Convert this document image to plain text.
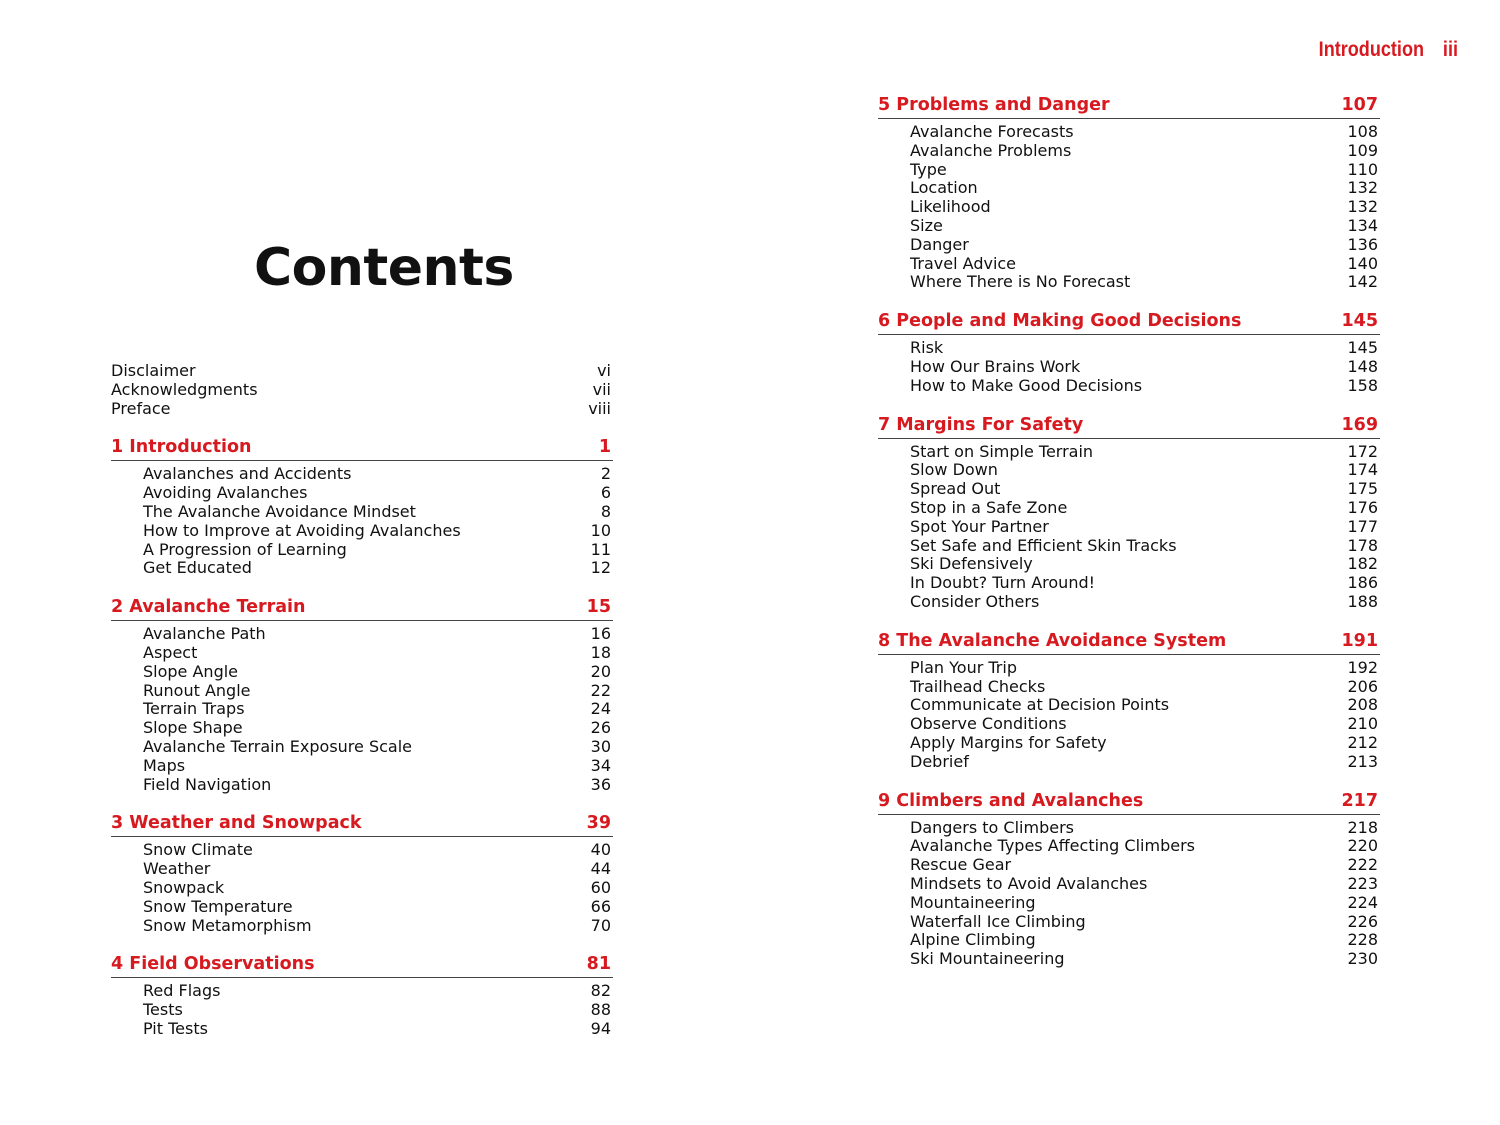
Introduction iii
Contents
Disclaimer	vi
Acknowledgments	vii
Preface	viii
1 Introduction	1
Avalanches and Accidents	2
Avoiding Avalanches	6
The Avalanche Avoidance Mindset	8
How to Improve at Avoiding Avalanches	10
A Progression of Learning	11
Get Educated	12
2 Avalanche Terrain	15
Avalanche Path	16
Aspect	18
Slope Angle	20
Runout Angle	22
Terrain Traps	24
Slope Shape	26
Avalanche Terrain Exposure Scale	30
Maps	34
Field Navigation	36
3 Weather and Snowpack	39
Snow Climate	40
Weather	44
Snowpack	60
Snow Temperature	66
Snow Metamorphism	70
4 Field Observations	81
Red Flags	82
Tests	88
Pit Tests	94
5 Problems and Danger	107
Avalanche Forecasts	108
Avalanche Problems	109
Type	110
Location	132
Likelihood	132
Size	134
Danger	136
Travel Advice	140
Where There is No Forecast	142
6 People and Making Good Decisions	145
Risk	145
How Our Brains Work	148
How to Make Good Decisions	158
7 Margins For Safety	169
Start on Simple Terrain	172
Slow Down	174
Spread Out	175
Stop in a Safe Zone	176
Spot Your Partner	177
Set Safe and Efficient Skin Tracks	178
Ski Defensively	182
In Doubt? Turn Around!	186
Consider Others	188
8 The Avalanche Avoidance System	191
Plan Your Trip	192
Trailhead Checks	206
Communicate at Decision Points	208
Observe Conditions	210
Apply Margins for Safety	212
Debrief	213
9 Climbers and Avalanches	217
Dangers to Climbers	218
Avalanche Types Affecting Climbers	220
Rescue Gear	222
Mindsets to Avoid Avalanches	223
Mountaineering	224
Waterfall Ice Climbing	226
Alpine Climbing	228
Ski Mountaineering	230
